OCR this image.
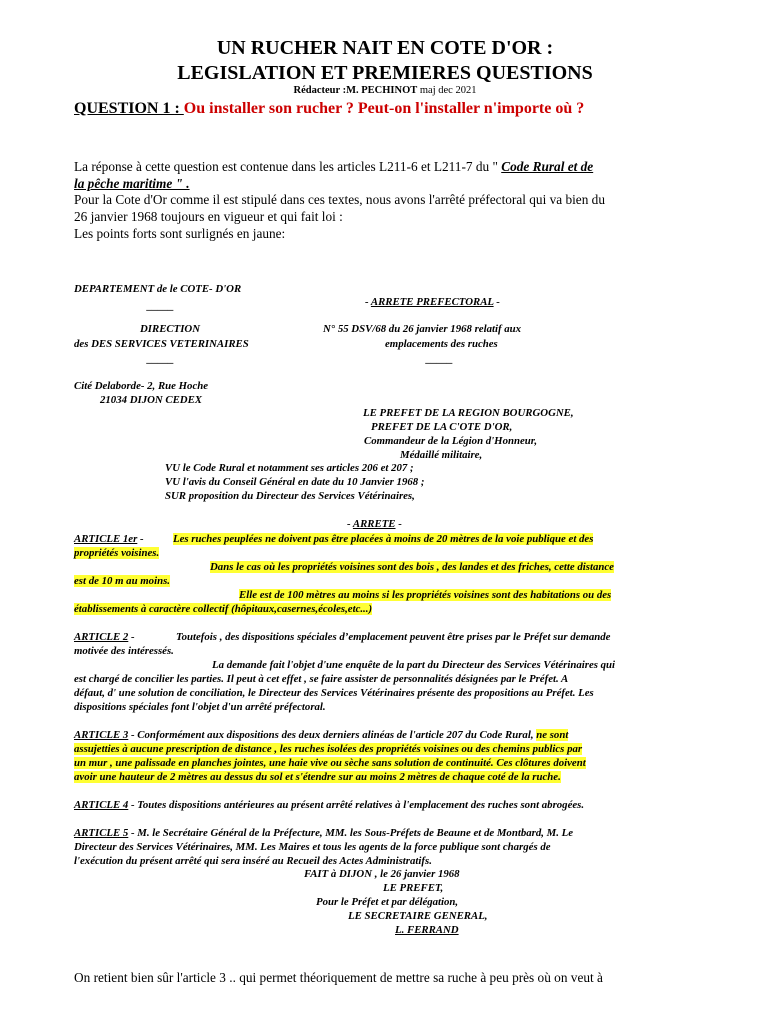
UN RUCHER NAIT EN COTE D'OR :
LEGISLATION ET PREMIERES QUESTIONS
Rédacteur :M. PECHINOT maj dec 2021
QUESTION 1 : Ou installer son rucher ? Peut-on l'installer n'importe où ?
La réponse à cette question est contenue dans les articles L211-6 et L211-7 du " Code Rural et de
la pêche maritime " .
Pour la Cote d'Or comme il est stipulé dans ces textes, nous avons l'arrêté préfectoral qui va bien du
26 janvier 1968 toujours en vigueur et qui fait loi :
Les points forts sont surlignés en jaune:
DEPARTEMENT de le COTE- D'OR
_____	- ARRETE PREFECTORAL -
DIRECTION
des DES SERVICES VETERINAIRES
_____
N° 55 DSV/68 du 26 janvier 1968 relatif aux
emplacements des ruches
_____
Cité Delaborde- 2, Rue Hoche
21034 DIJON CEDEX
LE PREFET DE LA REGION BOURGOGNE,
PREFET DE LA C'OTE D'OR,
Commandeur de la Légion d'Honneur,
Médaillé militaire,
VU le Code Rural et notamment ses articles 206 et 207 ;
VU l'avis du Conseil Général en date du 10 Janvier 1968 ;
SUR proposition du Directeur des Services Vétérinaires,
- ARRETE -
ARTICLE 1er -	Les ruches peuplées ne doivent pas être placées à moins de 20 mètres de la voie publique et des
propriétés voisines.
Dans le cas où les propriétés voisines sont des bois , des landes et des friches, cette distance
est de 10 m au moins.
Elle est de 100 mètres au moins si les propriétés voisines sont des habitations ou des
établissements à caractère collectif (hôpitaux,casernes,écoles,etc...)
ARTICLE 2 -	Toutefois , des dispositions spéciales d’emplacement peuvent être prises par le Préfet sur demande
motivée des intéressés.
La demande fait l'objet d'une enquête de la part du Directeur des Services Vétérinaires qui
est chargé de concilier les parties. Il peut à cet effet , se faire assister de personnalités désignées par le Préfet. A
défaut, d' une solution de conciliation, le Directeur des Services Vétérinaires présente des propositions au Préfet. Les
dispositions spéciales font l'objet d'un arrêté préfectoral.
ARTICLE 3 - Conformément aux dispositions des deux derniers alinéas de l'article 207 du Code Rural, ne sont
assujetties à aucune prescription de distance , les ruches isolées des propriétés voisines ou des chemins publics par
un mur , une palissade en planches jointes, une haie vive ou sèche sans solution de continuité. Ces clôtures doivent
avoir une hauteur de 2 mètres au dessus du sol et s'étendre sur au moins 2 mètres de chaque coté de la ruche.
ARTICLE 4 - Toutes dispositions antérieures au présent arrêté relatives à l'emplacement des ruches sont abrogées.
ARTICLE 5 - M. le Secrétaire Général de la Préfecture, MM. les Sous-Préfets de Beaune et de Montbard, M. Le
Directeur des Services Vétérinaires, MM. Les Maires et tous les agents de la force publique sont chargés de
l'exécution du présent arrêté qui sera inséré au Recueil des Actes Administratifs.
FAIT à DIJON , le 26 janvier 1968
LE PREFET,
Pour le Préfet et par délégation,
LE SECRETAIRE GENERAL,
L. FERRAND
On retient bien sûr l'article 3 .. qui permet théoriquement de mettre sa ruche à peu près où on veut à
